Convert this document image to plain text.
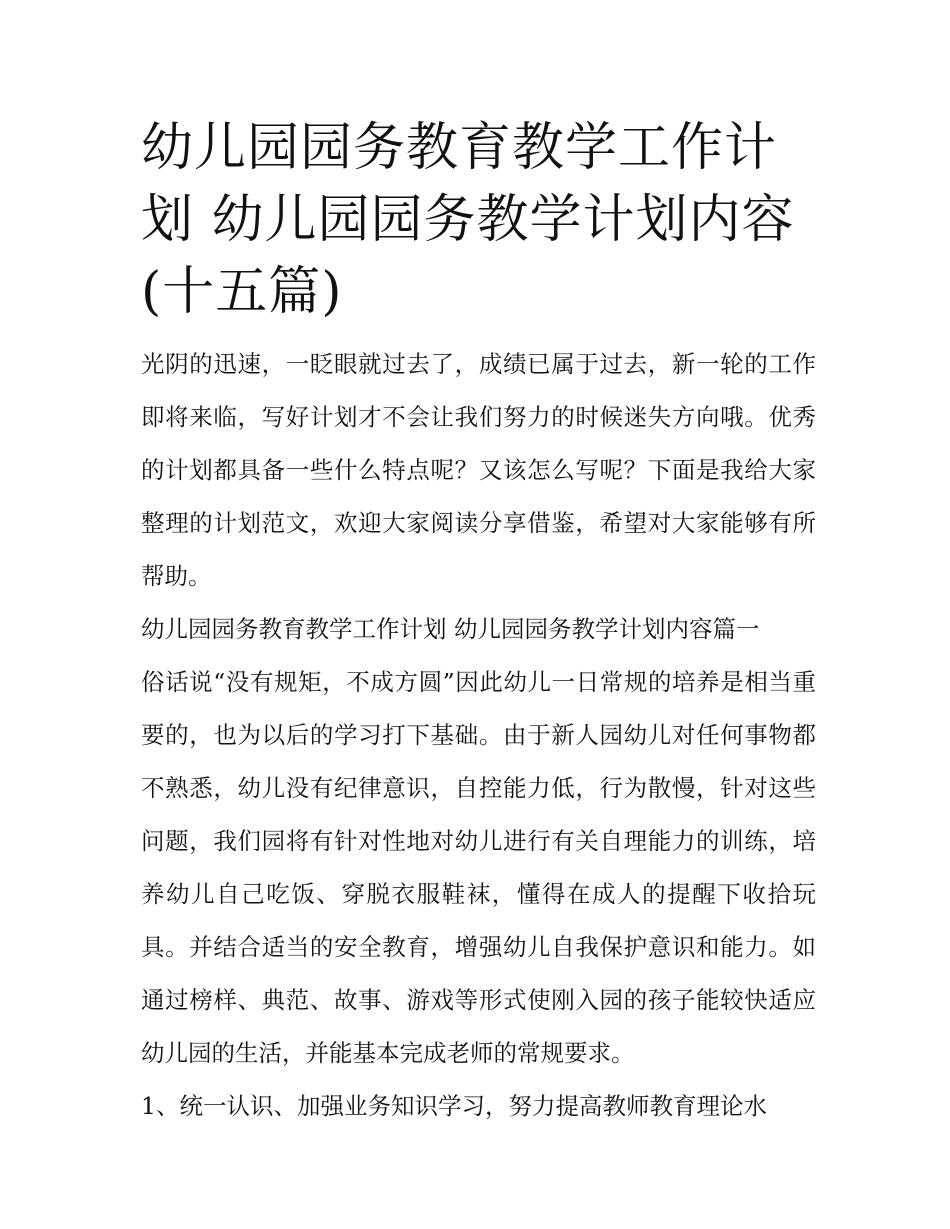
幼儿园园务教育教学工作计划 幼儿园园务教学计划内容(十五篇)

光阴的迅速，一眨眼就过去了，成绩已属于过去，新一轮的工作即将来临，写好计划才不会让我们努力的时候迷失方向哦。优秀的计划都具备一些什么特点呢？又该怎么写呢？下面是我给大家整理的计划范文，欢迎大家阅读分享借鉴，希望对大家能够有所帮助。

幼儿园园务教育教学工作计划 幼儿园园务教学计划内容篇一

俗话说“没有规矩，不成方圆”因此幼儿一日常规的培养是相当重要的，也为以后的学习打下基础。由于新人园幼儿对任何事物都不熟悉，幼儿没有纪律意识，自控能力低，行为散慢，针对这些问题，我们园将有针对性地对幼儿进行有关自理能力的训练，培养幼儿自己吃饭、穿脱衣服鞋袜，懂得在成人的提醒下收拾玩具。并结合适当的安全教育，增强幼儿自我保护意识和能力。如通过榜样、典范、故事、游戏等形式使刚入园的孩子能较快适应幼儿园的生活，并能基本完成老师的常规要求。

1、统一认识、加强业务知识学习，努力提高教师教育理论水
